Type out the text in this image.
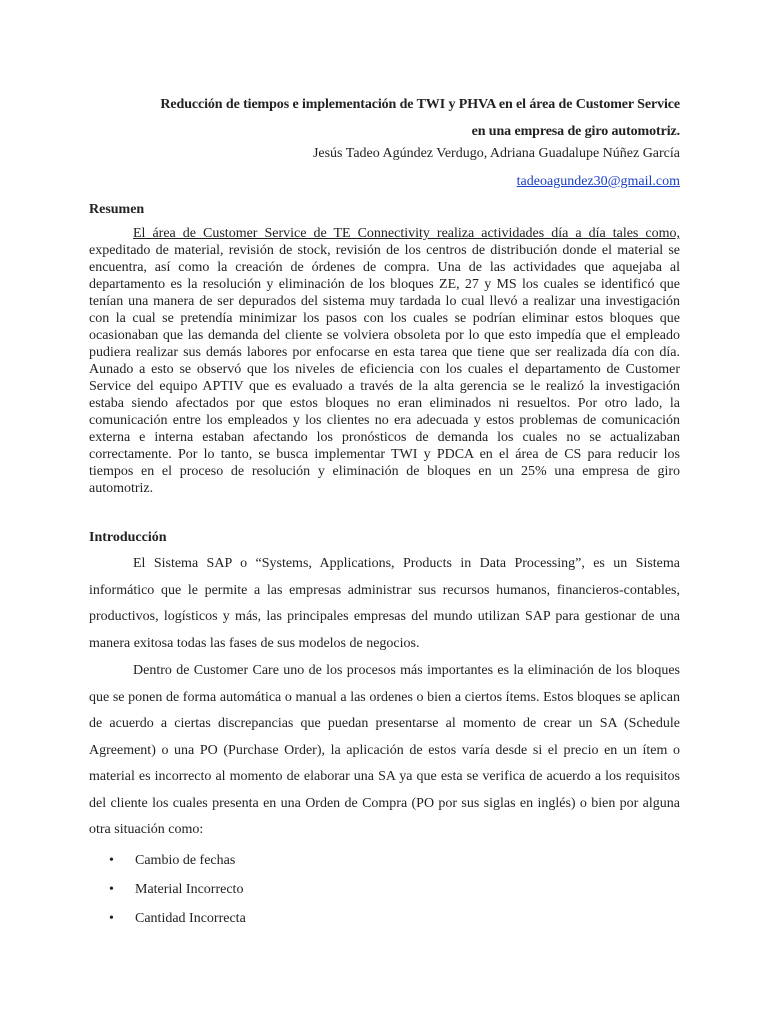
Reducción de tiempos e implementación de TWI y PHVA en el área de Customer Service
en una empresa de giro automotriz.
Jesús Tadeo Agúndez Verdugo, Adriana Guadalupe Núñez García
tadeoagundez30@gmail.com
Resumen

El área de Customer Service de TE Connectivity realiza actividades día a día tales como, expeditado de material, revisión de stock, revisión de los centros de distribución donde el material se encuentra, así como la creación de órdenes de compra. Una de las actividades que aquejaba al departamento es la resolución y eliminación de los bloques ZE, 27 y MS los cuales se identificó que tenían una manera de ser depurados del sistema muy tardada lo cual llevó a realizar una investigación con la cual se pretendía minimizar los pasos con los cuales se podrían eliminar estos bloques que ocasionaban que las demanda del cliente se volviera obsoleta por lo que esto impedía que el empleado pudiera realizar sus demás labores por enfocarse en esta tarea que tiene que ser realizada día con día. Aunado a esto se observó que los niveles de eficiencia con los cuales el departamento de Customer Service del equipo APTIV que es evaluado a través de la alta gerencia se le realizó la investigación estaba siendo afectados por que estos bloques no eran eliminados ni resueltos. Por otro lado, la comunicación entre los empleados y los clientes no era adecuada y estos problemas de comunicación externa e interna estaban afectando los pronósticos de demanda los cuales no se actualizaban correctamente. Por lo tanto, se busca implementar TWI y PDCA en el área de CS para reducir los tiempos en el proceso de resolución y eliminación de bloques en un 25% una empresa de giro automotriz.

Introducción

El Sistema SAP o “Systems, Applications, Products in Data Processing”, es un Sistema informático que le permite a las empresas administrar sus recursos humanos, financieros-contables, productivos, logísticos y más, las principales empresas del mundo utilizan SAP para gestionar de una manera exitosa todas las fases de sus modelos de negocios.

Dentro de Customer Care uno de los procesos más importantes es la eliminación de los bloques que se ponen de forma automática o manual a las ordenes o bien a ciertos ítems. Estos bloques se aplican de acuerdo a ciertas discrepancias que puedan presentarse al momento de crear un SA (Schedule Agreement) o una PO (Purchase Order), la aplicación de estos varía desde si el precio en un ítem o material es incorrecto al momento de elaborar una SA ya que esta se verifica de acuerdo a los requisitos del cliente los cuales presenta en una Orden de Compra (PO por sus siglas en inglés) o bien por alguna otra situación como:

• Cambio de fechas
• Material Incorrecto
• Cantidad Incorrecta
